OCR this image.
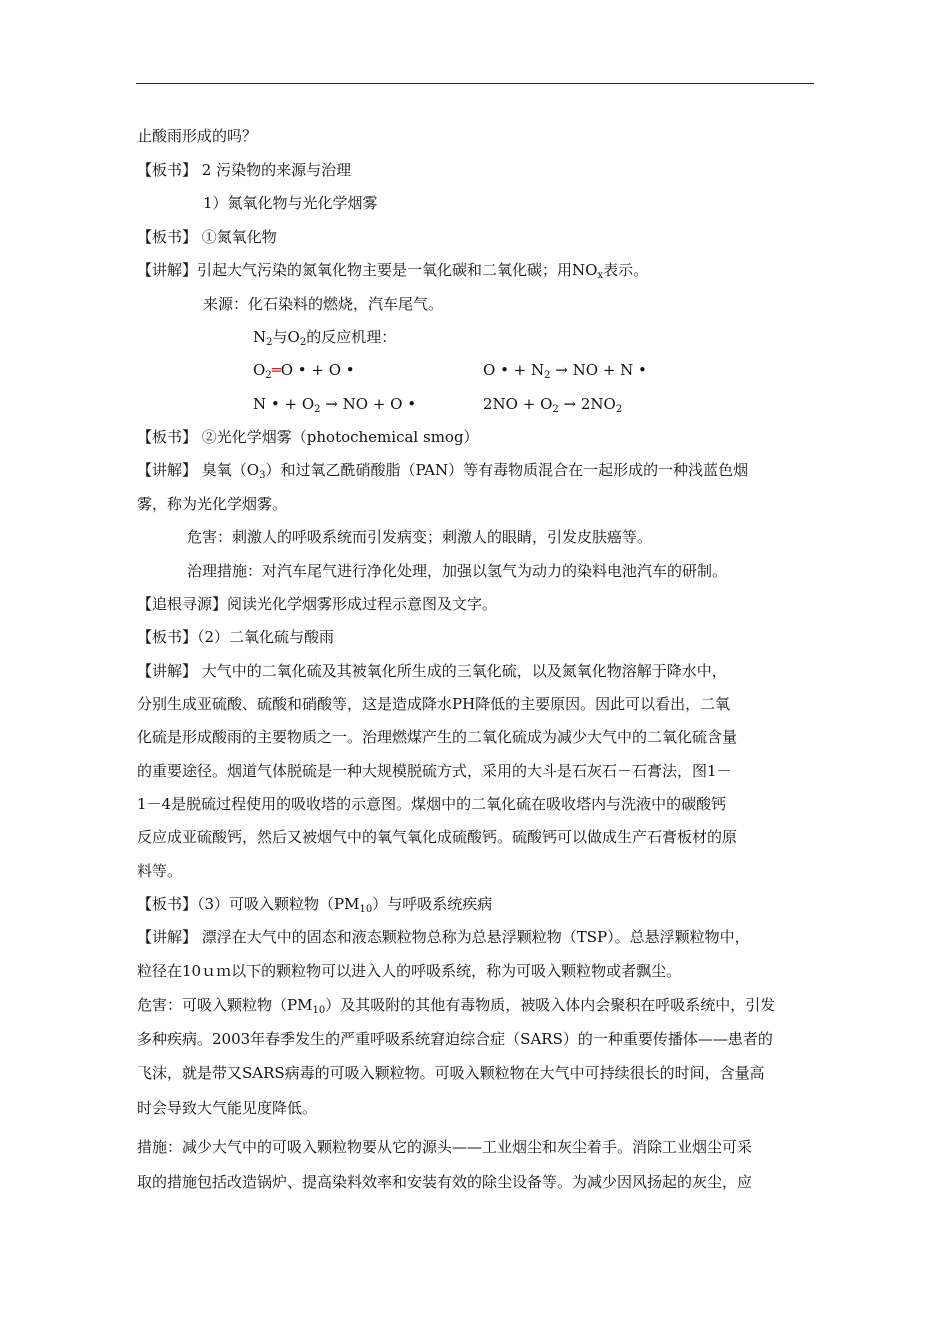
止酸雨形成的吗？
【板书】 2 污染物的来源与治理
1）氮氧化物与光化学烟雾
【板书】 ①氮氧化物
【讲解】引起大气污染的氮氧化物主要是一氧化碳和二氧化碳；用$NO_x$表示。
来源：化石染料的燃烧，汽车尾气。
$N_2$与$O_2$的反应机理：
$O_2═O$ • + O •	O • + $N_2$ → NO + N •
N • + $O_2$ → NO + O •	$2NO + O_2 \to 2NO_2$
【板书】 ②光化学烟雾（photochemical smog）
【讲解】 臭氧$(O_3)$和过氧乙酰硝酸脂（PAN）等有毒物质混合在一起形成的一种浅蓝色烟
雾，称为光化学烟雾。
危害：刺激人的呼吸系统而引发病变；刺激人的眼睛，引发皮肤癌等。
治理措施：对汽车尾气进行净化处理，加强以氢气为动力的染料电池汽车的研制。
【追根寻源】阅读光化学烟雾形成过程示意图及文字。
【板书】（2）二氧化硫与酸雨
【讲解】 大气中的二氧化硫及其被氧化所生成的三氧化硫，以及氮氧化物溶解于降水中，
分别生成亚硫酸、硫酸和硝酸等，这是造成降水PH降低的主要原因。因此可以看出，二氧
化硫是形成酸雨的主要物质之一。治理燃煤产生的二氧化硫成为减少大气中的二氧化硫含量
的重要途径。烟道气体脱硫是一种大规模脱硫方式，采用的大斗是石灰石－石膏法，图1－
1－4是脱硫过程使用的吸收塔的示意图。煤烟中的二氧化硫在吸收塔内与洗液中的碳酸钙
反应成亚硫酸钙，然后又被烟气中的氧气氧化成硫酸钙。硫酸钙可以做成生产石膏板材的原
料等。
【板书】（3）可吸入颗粒物$(PM_{10})$与呼吸系统疾病
【讲解】 漂浮在大气中的固态和液态颗粒物总称为总悬浮颗粒物（TSP）。总悬浮颗粒物中，
粒径在10ｕｍ以下的颗粒物可以进入人的呼吸系统，称为可吸入颗粒物或者飘尘。
危害：可吸入颗粒物$(PM_{10})$及其吸附的其他有毒物质，被吸入体内会聚积在呼吸系统中，引发
多种疾病。2003年春季发生的严重呼吸系统窘迫综合症（SARS）的一种重要传播体——患者的
飞沫，就是带又SARS病毒的可吸入颗粒物。可吸入颗粒物在大气中可持续很长的时间，含量高
时会导致大气能见度降低。
措施：减少大气中的可吸入颗粒物要从它的源头——工业烟尘和灰尘着手。消除工业烟尘可采
取的措施包括改造锅炉、提高染料效率和安装有效的除尘设备等。为减少因风扬起的灰尘，应
